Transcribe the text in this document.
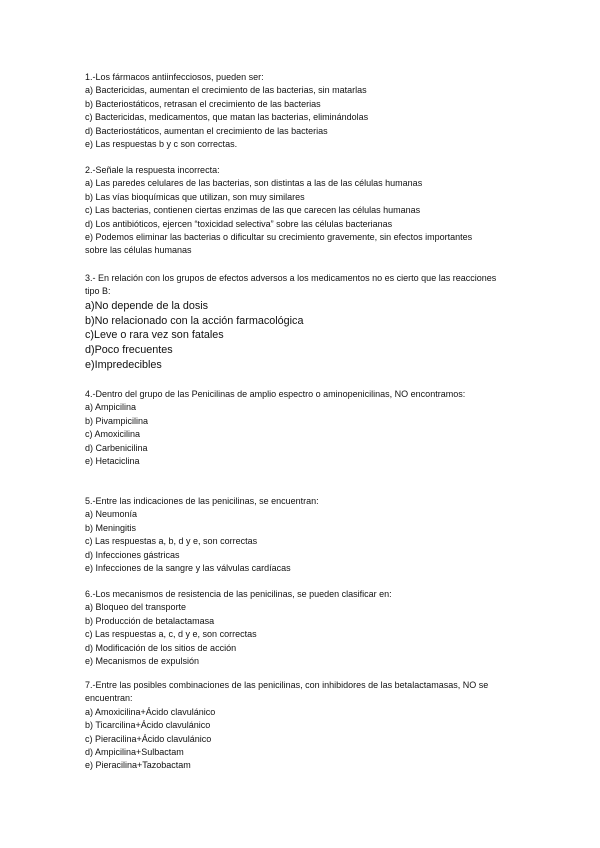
1.-Los fármacos antiinfecciosos, pueden ser:
a) Bactericidas, aumentan el crecimiento de las bacterias, sin matarlas
b) Bacteriostáticos, retrasan el crecimiento de las bacterias
c) Bactericidas, medicamentos, que matan las bacterias, eliminándolas
d) Bacteriostáticos, aumentan el crecimiento de las bacterias
e) Las respuestas b y c son correctas.
2.-Señale la respuesta incorrecta:
a) Las paredes celulares de las bacterias, son distintas a las de las células humanas
b) Las vías bioquímicas que utilizan, son muy similares
c) Las bacterias, contienen ciertas enzimas de las que carecen las células humanas
d) Los antibióticos, ejercen “toxicidad selectiva” sobre las células bacterianas
e) Podemos eliminar las bacterias o dificultar su crecimiento gravemente, sin efectos importantes sobre las células humanas
3.- En relación con los grupos de efectos adversos a los medicamentos no es cierto que las reacciones tipo B:
a)No depende de la dosis
b)No relacionado con la acción farmacológica
c)Leve o rara vez son fatales
d)Poco frecuentes
e)Impredecibles
4.-Dentro del grupo de las Penicilinas de amplio espectro o aminopenicilinas, NO encontramos:
a) Ampicilina
b) Pivampicilina
c) Amoxicilina
d) Carbenicilina
e) Hetaciclina
5.-Entre las indicaciones de las penicilinas, se encuentran:
a) Neumonía
b) Meningitis
c) Las respuestas a, b, d y e, son correctas
d) Infecciones gástricas
e) Infecciones de la sangre y las válvulas cardíacas
6.-Los mecanismos de resistencia de las penicilinas, se pueden clasificar en:
a) Bloqueo del transporte
b) Producción de betalactamasa
c) Las respuestas a, c, d y e, son correctas
d) Modificación de los sitios de acción
e) Mecanismos de expulsión
7.-Entre las posibles combinaciones de las penicilinas, con inhibidores de las betalactamasas, NO se encuentran:
a) Amoxicilina+Ácido clavulánico
b) Ticarcilina+Ácido clavulánico
c) Pieracilina+Ácido clavulánico
d) Ampicilina+Sulbactam
e) Pieracilina+Tazobactam
